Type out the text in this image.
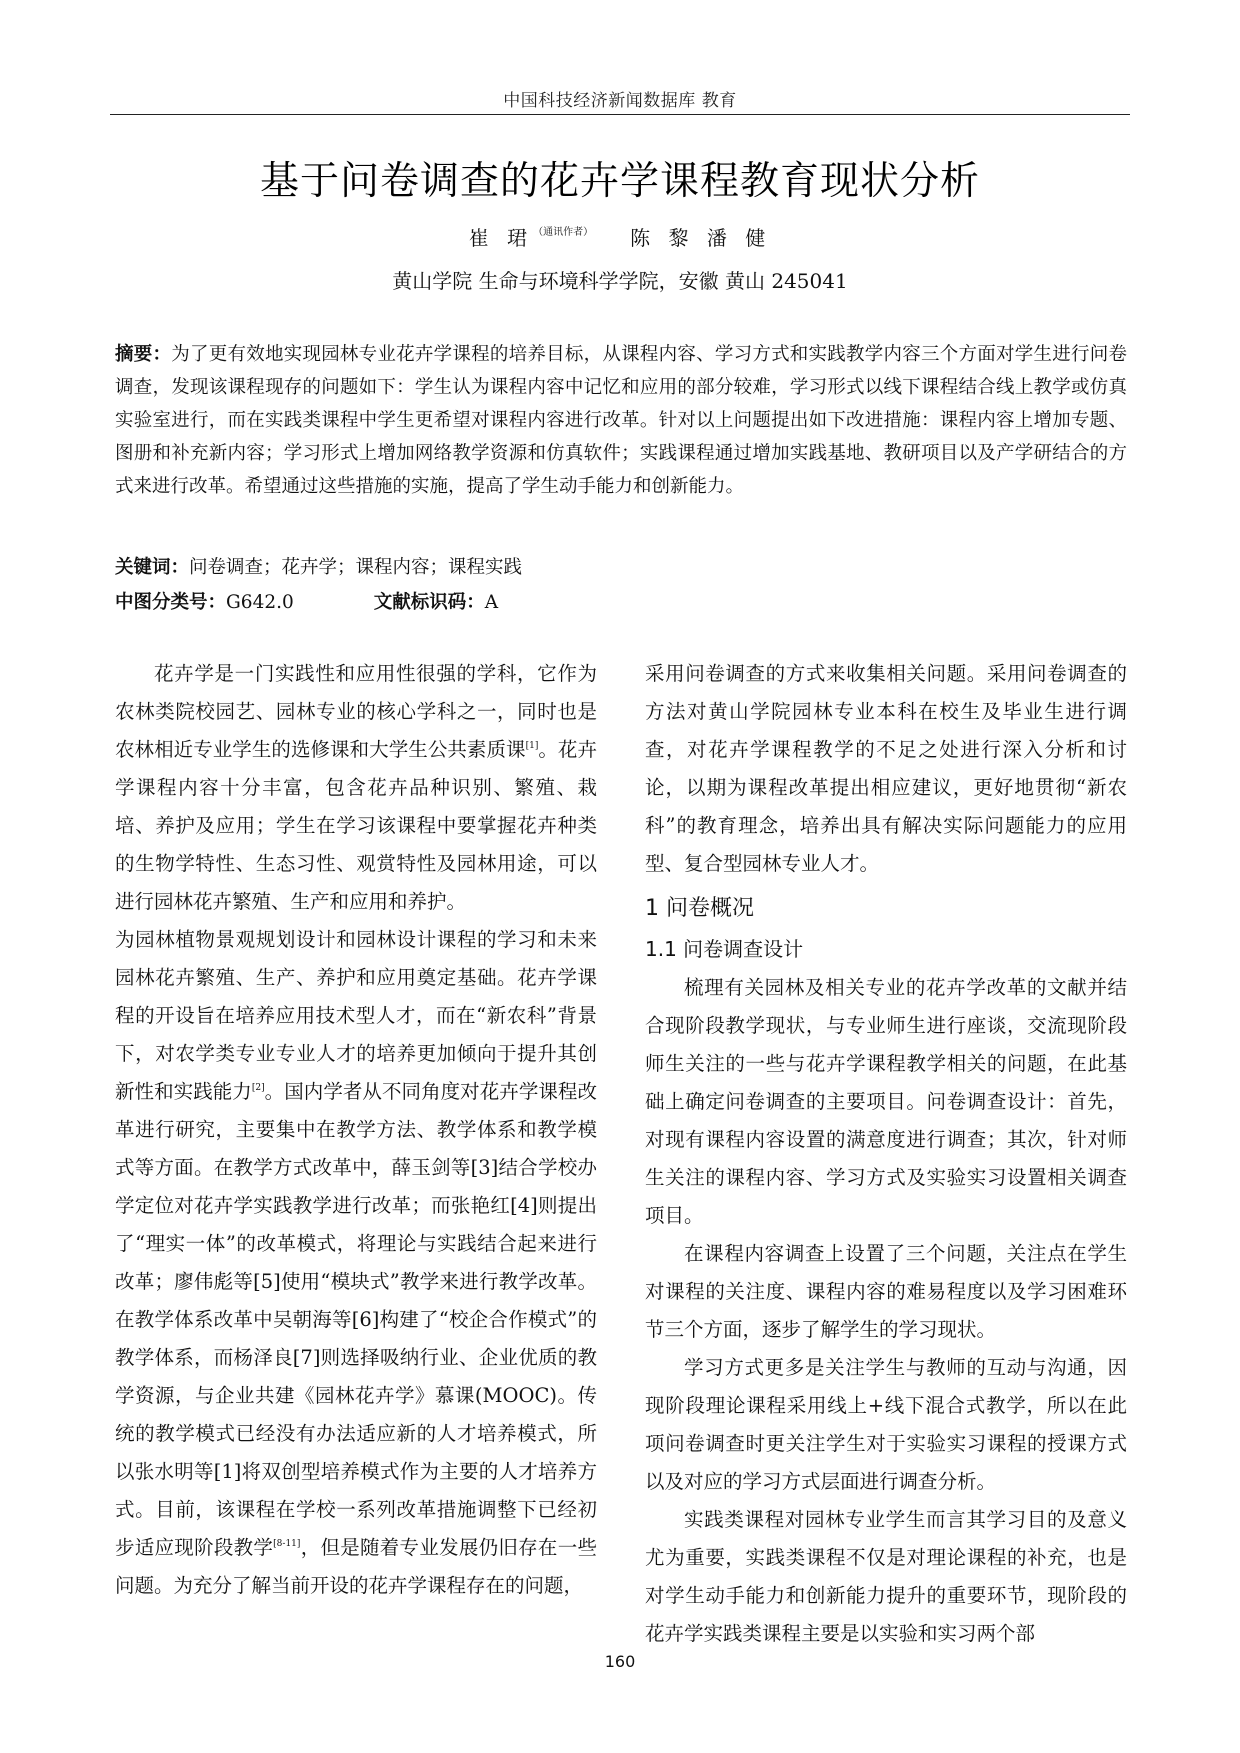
中国科技经济新闻数据库 教育
基于问卷调查的花卉学课程教育现状分析
崔 珺$^{(通讯作者)}$ 陈 黎 潘 健
黄山学院 生命与环境科学学院，安徽 黄山 245041
摘要：为了更有效地实现园林专业花卉学课程的培养目标，从课程内容、学习方式和实践教学内容三个方面对学生进行问卷调查，发现该课程现存的问题如下：学生认为课程内容中记忆和应用的部分较难，学习形式以线下课程结合线上教学或仿真实验室进行，而在实践类课程中学生更希望对课程内容进行改革。针对以上问题提出如下改进措施：课程内容上增加专题、图册和补充新内容；学习形式上增加网络教学资源和仿真软件；实践课程通过增加实践基地、教研项目以及产学研结合的方式来进行改革。希望通过这些措施的实施，提高了学生动手能力和创新能力。
关键词：问卷调查；花卉学；课程内容；课程实践
中图分类号：G642.0	文献标识码：A

花卉学是一门实践性和应用性很强的学科，它作为农林类院校园艺、园林专业的核心学科之一，同时也是农林相近专业学生的选修课和大学生公共素质课[1]。花卉学课程内容十分丰富，包含花卉品种识别、繁殖、栽培、养护及应用；学生在学习该课程中要掌握花卉种类的生物学特性、生态习性、观赏特性及园林用途，可以进行园林花卉繁殖、生产和应用和养护。

为园林植物景观规划设计和园林设计课程的学习和未来园林花卉繁殖、生产、养护和应用奠定基础。花卉学课程的开设旨在培养应用技术型人才，而在“新农科”背景下，对农学类专业专业人才的培养更加倾向于提升其创新性和实践能力[2]。国内学者从不同角度对花卉学课程改革进行研究，主要集中在教学方法、教学体系和教学模式等方面。在教学方式改革中，薛玉剑等[3]结合学校办学定位对花卉学实践教学进行改革；而张艳红[4]则提出了“理实一体”的改革模式，将理论与实践结合起来进行改革；廖伟彪等[5]使用“模块式”教学来进行教学改革。在教学体系改革中吴朝海等[6]构建了“校企合作模式”的教学体系，而杨泽良[7]则选择吸纳行业、企业优质的教学资源，与企业共建《园林花卉学》慕课(MOOC)。传统的教学模式已经没有办法适应新的人才培养模式，所以张水明等[1]将双创型培养模式作为主要的人才培养方式。目前，该课程在学校一系列改革措施调整下已经初步适应现阶段教学[8-11]，但是随着专业发展仍旧存在一些问题。为充分了解当前开设的花卉学课程存在的问题，

采用问卷调查的方式来收集相关问题。采用问卷调查的方法对黄山学院园林专业本科在校生及毕业生进行调查，对花卉学课程教学的不足之处进行深入分析和讨论，以期为课程改革提出相应建议，更好地贯彻“新农科”的教育理念，培养出具有解决实际问题能力的应用型、复合型园林专业人才。

1 问卷概况
1.1 问卷调查设计

梳理有关园林及相关专业的花卉学改革的文献并结合现阶段教学现状，与专业师生进行座谈，交流现阶段师生关注的一些与花卉学课程教学相关的问题，在此基础上确定问卷调查的主要项目。问卷调查设计：首先，对现有课程内容设置的满意度进行调查；其次，针对师生关注的课程内容、学习方式及实验实习设置相关调查项目。

在课程内容调查上设置了三个问题，关注点在学生对课程的关注度、课程内容的难易程度以及学习困难环节三个方面，逐步了解学生的学习现状。

学习方式更多是关注学生与教师的互动与沟通，因现阶段理论课程采用线上+线下混合式教学，所以在此项问卷调查时更关注学生对于实验实习课程的授课方式以及对应的学习方式层面进行调查分析。

实践类课程对园林专业学生而言其学习目的及意义尤为重要，实践类课程不仅是对理论课程的补充，也是对学生动手能力和创新能力提升的重要环节，现阶段的花卉学实践类课程主要是以实验和实习两个部

160
